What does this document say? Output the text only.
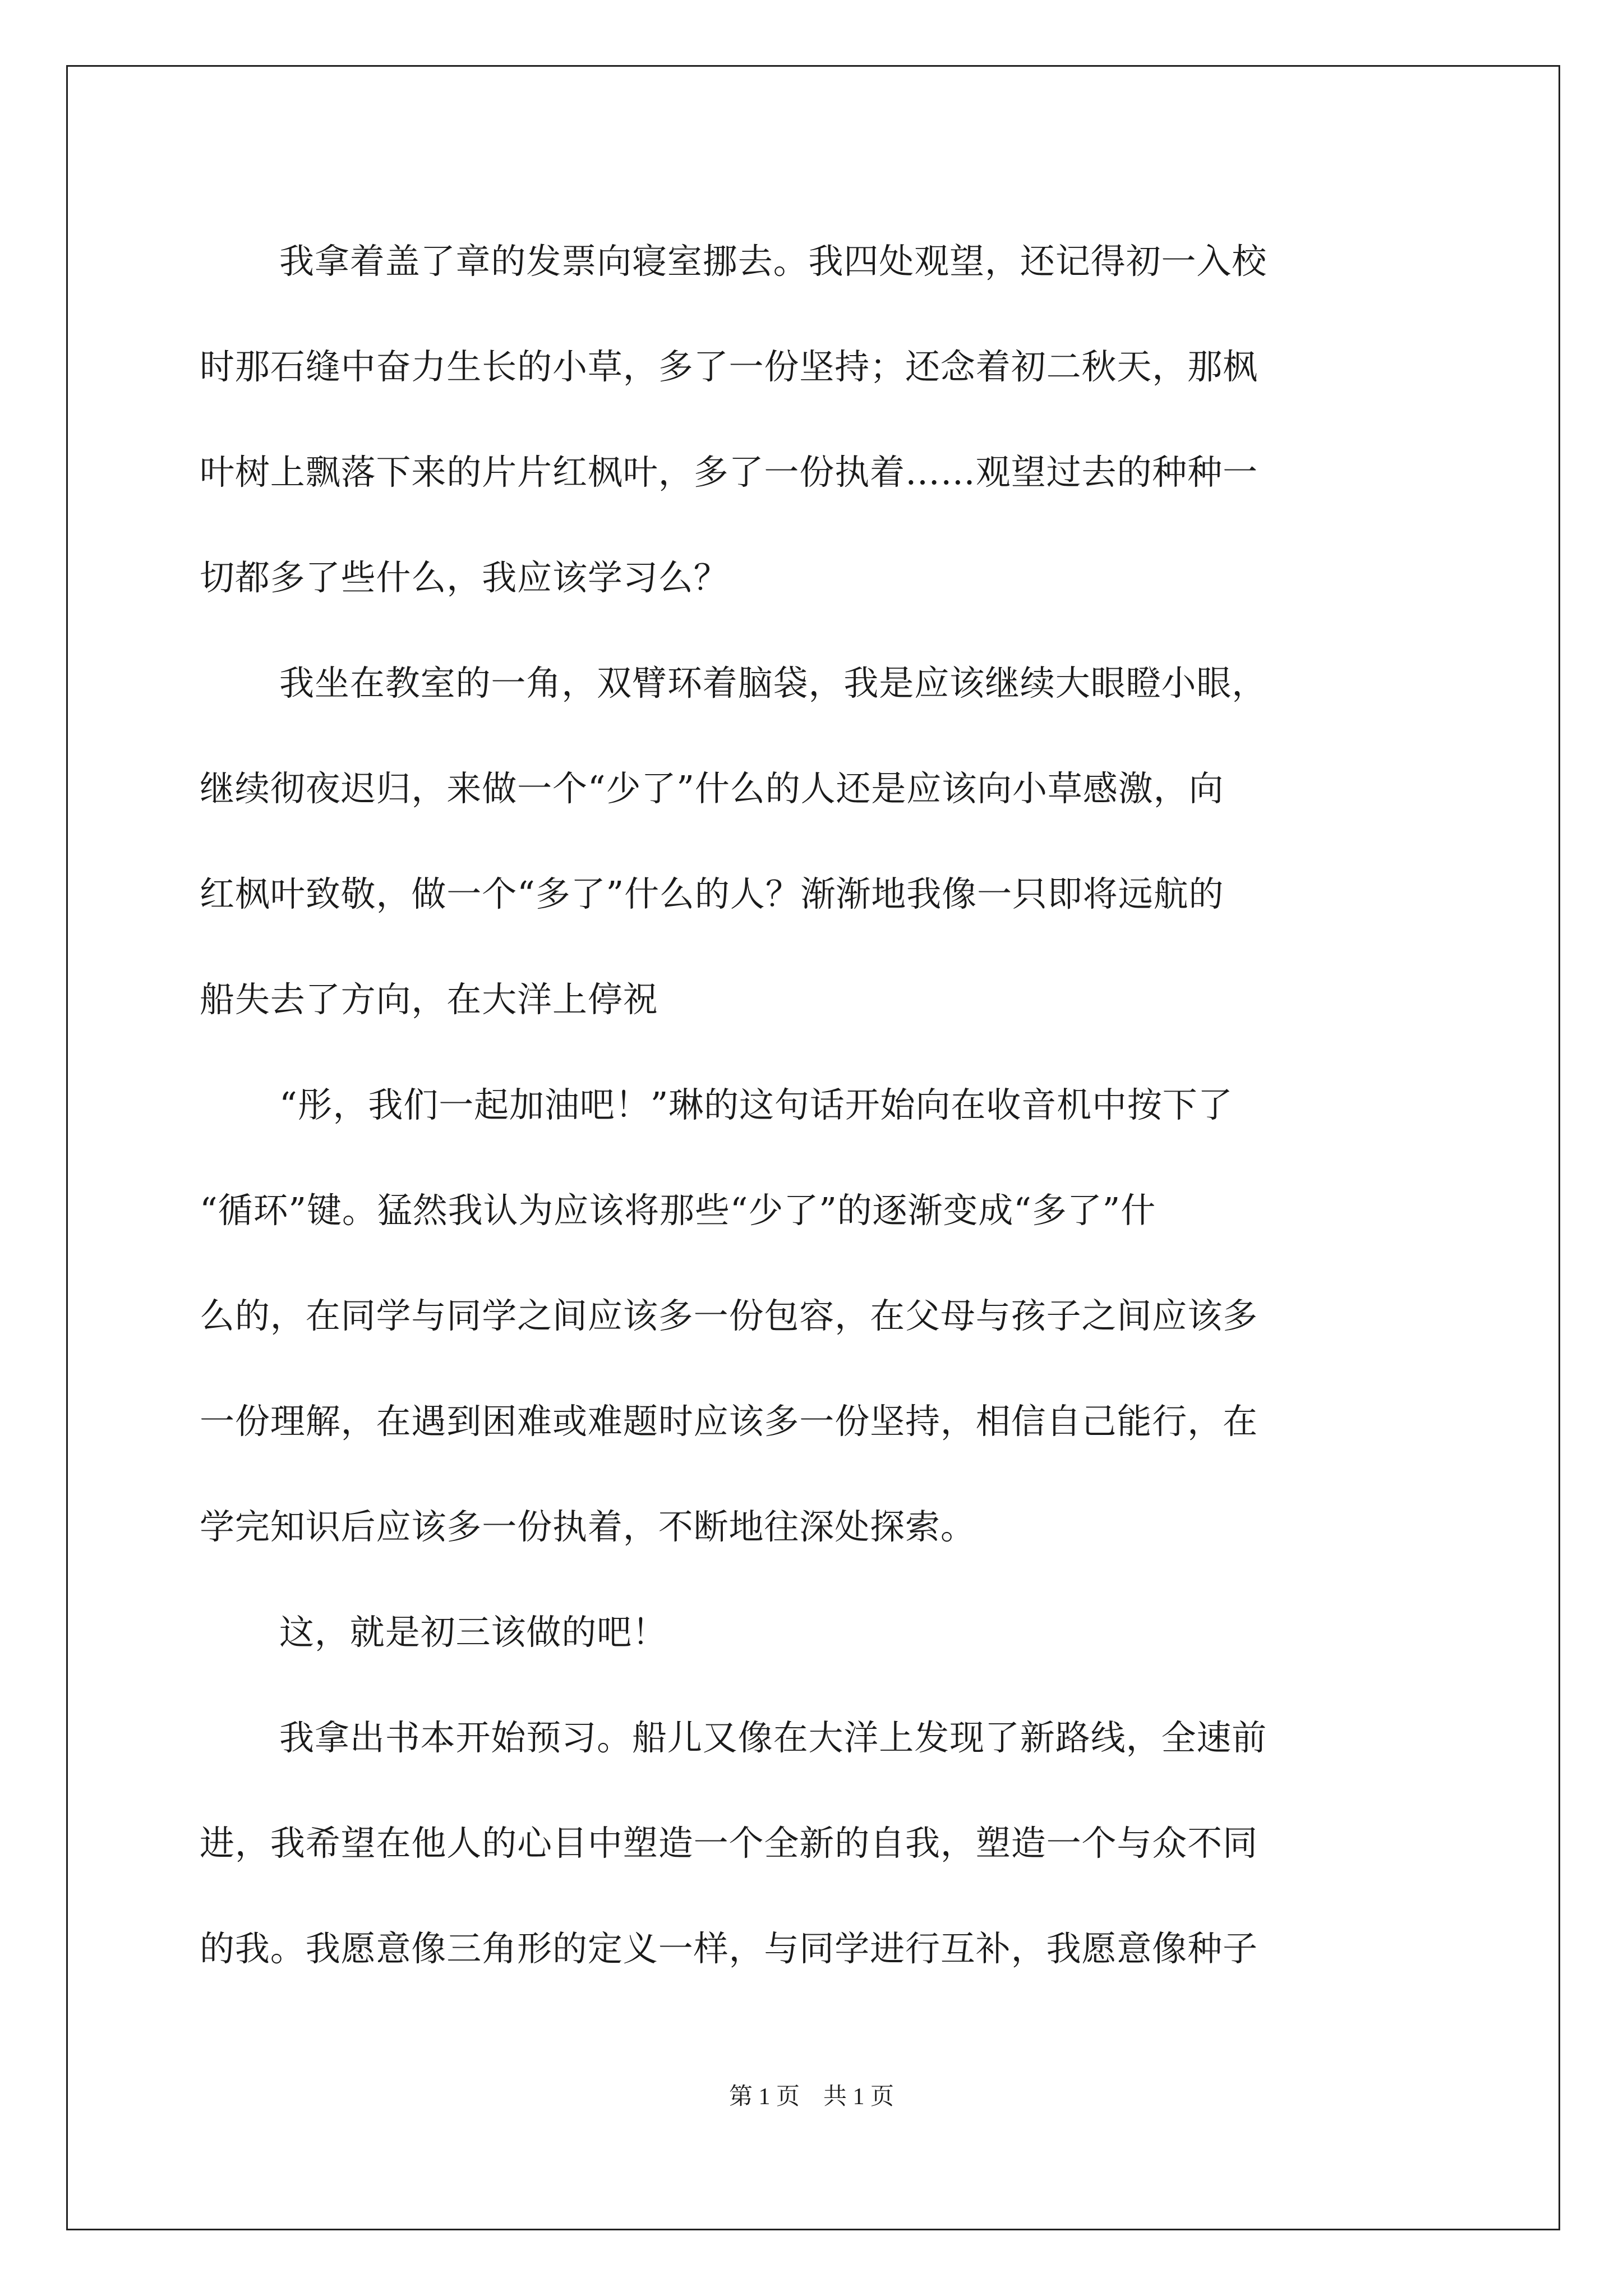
我拿着盖了章的发票向寝室挪去。我四处观望，还记得初一入校
时那石缝中奋力生长的小草，多了一份坚持；还念着初二秋天，那枫
叶树上飘落下来的片片红枫叶，多了一份执着……观望过去的种种一
切都多了些什么，我应该学习么？
我坐在教室的一角，双臂环着脑袋，我是应该继续大眼瞪小眼，
继续彻夜迟归，来做一个“少了”什么的人还是应该向小草感激，向
红枫叶致敬，做一个“多了”什么的人？渐渐地我像一只即将远航的
船失去了方向，在大洋上停祝
“彤，我们一起加油吧！”琳的这句话开始向在收音机中按下了
“循环”键。猛然我认为应该将那些“少了”的逐渐变成“多了”什
么的，在同学与同学之间应该多一份包容，在父母与孩子之间应该多
一份理解，在遇到困难或难题时应该多一份坚持，相信自己能行，在
学完知识后应该多一份执着，不断地往深处探索。
这，就是初三该做的吧！
我拿出书本开始预习。船儿又像在大洋上发现了新路线，全速前
进，我希望在他人的心目中塑造一个全新的自我，塑造一个与众不同
的我。我愿意像三角形的定义一样，与同学进行互补，我愿意像种子
第 1 页　共 1 页
